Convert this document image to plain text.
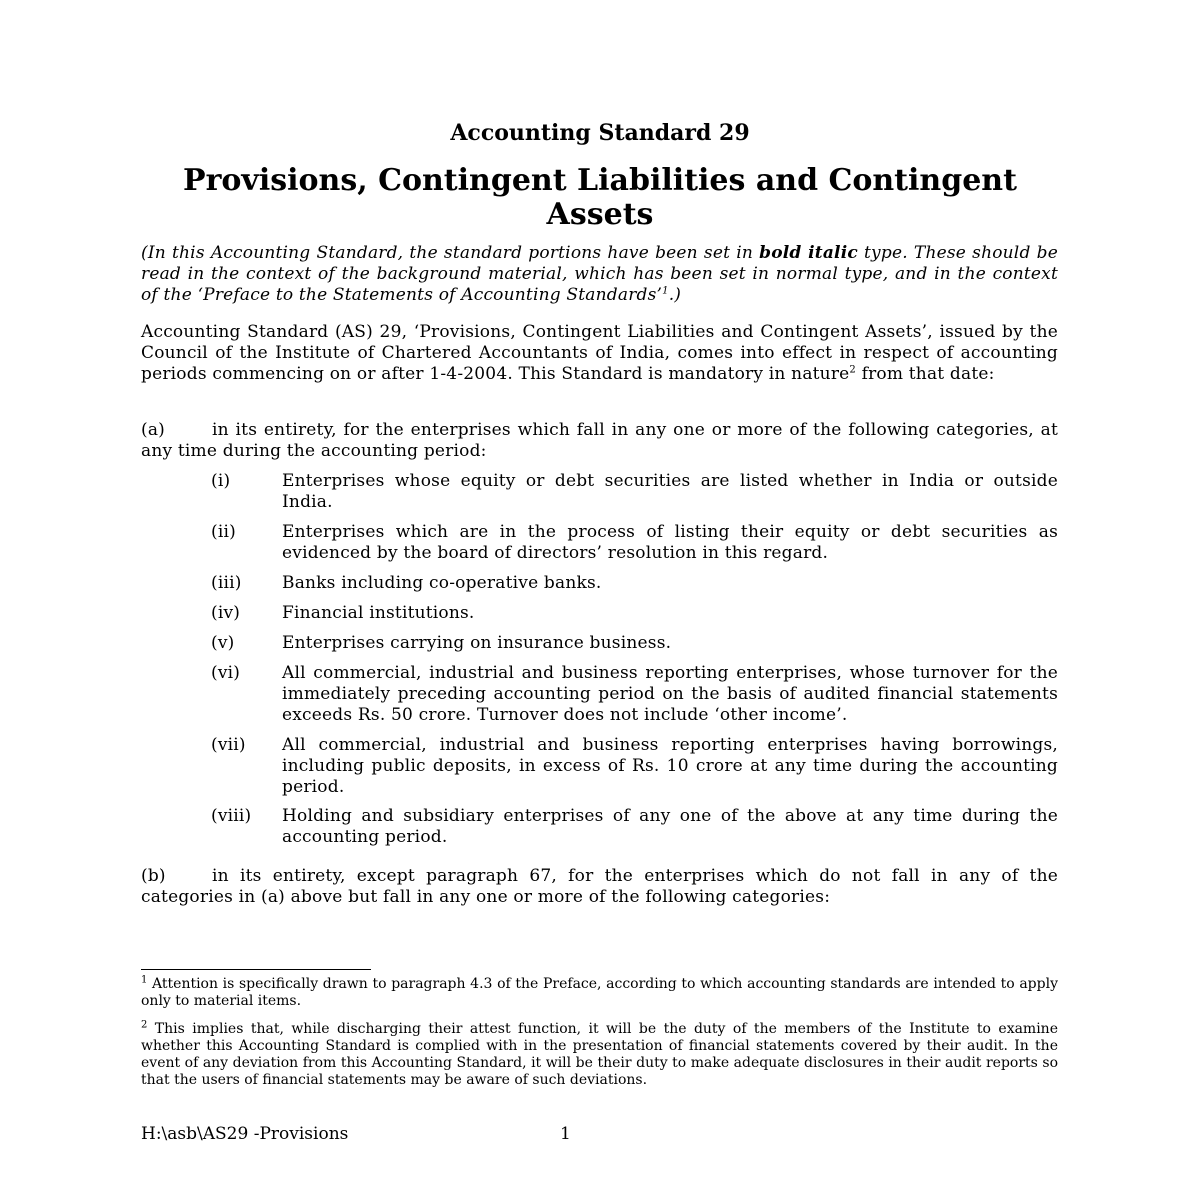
Accounting Standard 29
Provisions, Contingent Liabilities and Contingent Assets
(In this Accounting Standard, the standard portions have been set in bold italic type. These should be read in the context of the background material, which has been set in normal type, and in the context of the ‘Preface to the Statements of Accounting Standards’$^1$.)
Accounting Standard (AS) 29, ‘Provisions, Contingent Liabilities and Contingent Assets’, issued by the Council of the Institute of Chartered Accountants of India, comes into effect in respect of accounting periods commencing on or after 1-4-2004. This Standard is mandatory in nature$^2$ from that date:
(a)	in its entirety, for the enterprises which fall in any one or more of the following categories, at any time during the accounting period:
(i)	Enterprises whose equity or debt securities are listed whether in India or outside India.
(ii)	Enterprises which are in the process of listing their equity or debt securities as evidenced by the board of directors’ resolution in this regard.
(iii)	Banks including co-operative banks.
(iv)	Financial institutions.
(v)	Enterprises carrying on insurance business.
(vi)	All commercial, industrial and business reporting enterprises, whose turnover for the immediately preceding accounting period on the basis of audited financial statements exceeds Rs. 50 crore. Turnover does not include ‘other income’.
(vii)	All commercial, industrial and business reporting enterprises having borrowings, including public deposits, in excess of Rs. 10 crore at any time during the accounting period.
(viii)	Holding and subsidiary enterprises of any one of the above at any time during the accounting period.
(b)	in its entirety, except paragraph 67, for the enterprises which do not fall in any of the categories in (a) above but fall in any one or more of the following categories:
$^1$ Attention is specifically drawn to paragraph 4.3 of the Preface, according to which accounting standards are intended to apply only to material items.
$^2$ This implies that, while discharging their attest function, it will be the duty of the members of the Institute to examine whether this Accounting Standard is complied with in the presentation of financial statements covered by their audit. In the event of any deviation from this Accounting Standard, it will be their duty to make adequate disclosures in their audit reports so that the users of financial statements may be aware of such deviations.
H:\asb\AS29 -Provisions	1
